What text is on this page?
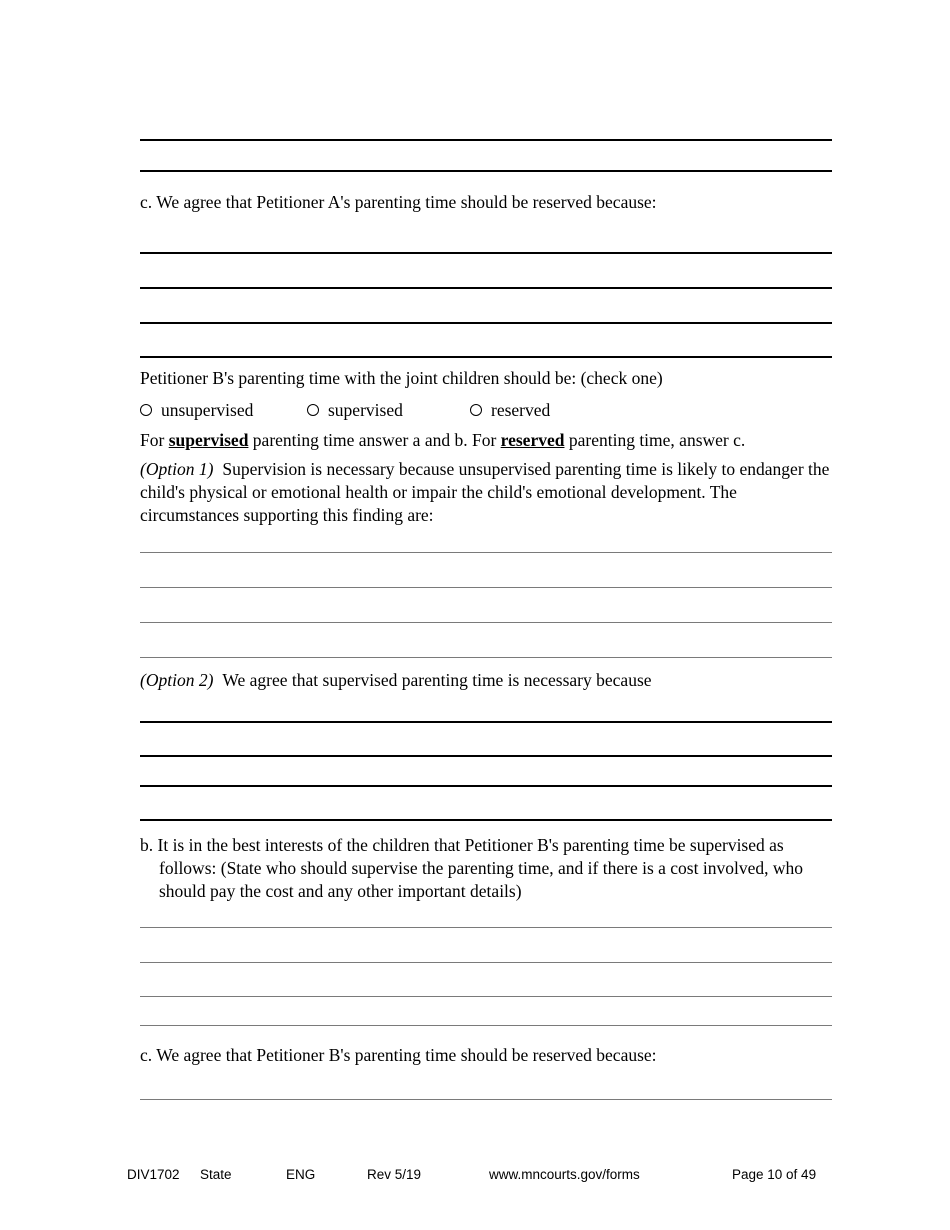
c. We agree that Petitioner A's parenting time should be reserved because:
Petitioner B's parenting time with the joint children should be: (check one)
unsupervised	supervised	reserved
For supervised parenting time answer a and b. For reserved parenting time, answer c.
(Option 1) Supervision is necessary because unsupervised parenting time is likely to endanger the child's physical or emotional health or impair the child's emotional development. The circumstances supporting this finding are:
(Option 2) We agree that supervised parenting time is necessary because
b. It is in the best interests of the children that Petitioner B's parenting time be supervised as follows: (State who should supervise the parenting time, and if there is a cost involved, who should pay the cost and any other important details)
c. We agree that Petitioner B's parenting time should be reserved because:
DIV1702 State	ENG	Rev 5/19	www.mncourts.gov/forms	Page 10 of 49
